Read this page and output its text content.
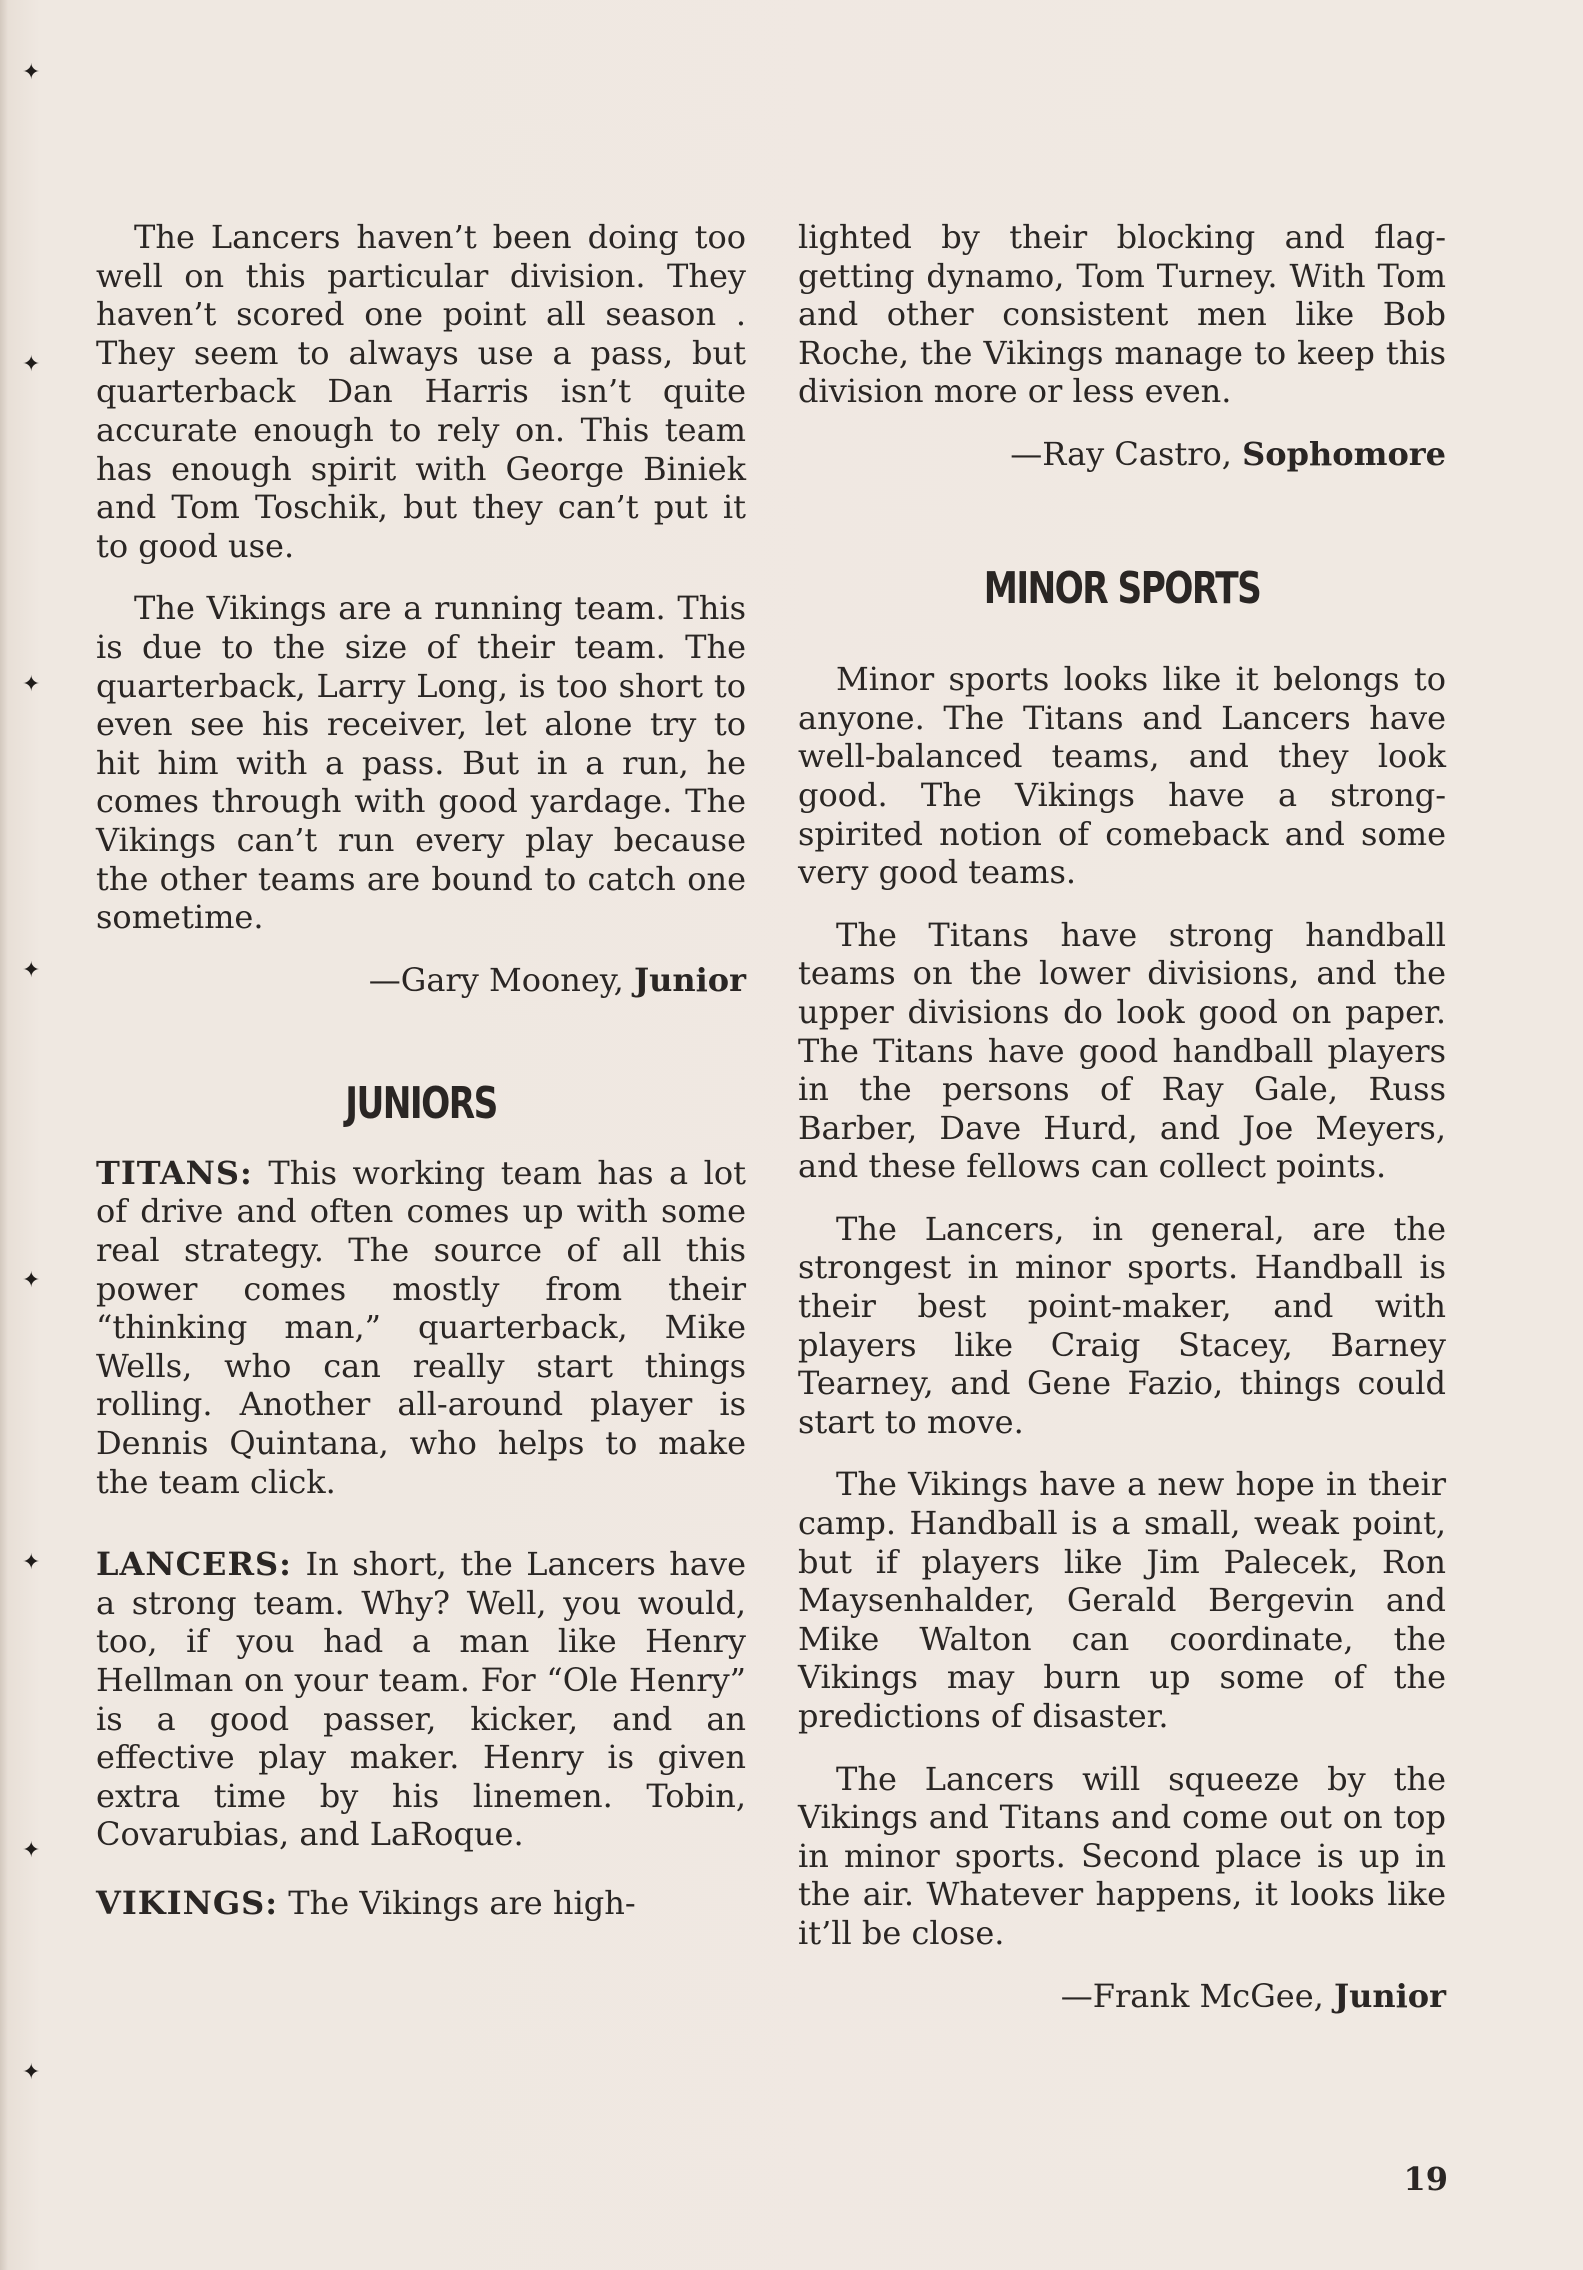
✦
✦
✦
✦
✦
✦
✦
✦

The Lancers haven’t been doing too well on this particular division. They haven’t scored one point all season . They seem to always use a pass, but quarterback Dan Harris isn’t quite accurate enough to rely on. This team has enough spirit with George Biniek and Tom Toschik, but they can’t put it to good use.

The Vikings are a running team. This is due to the size of their team. The quarterback, Larry Long, is too short to even see his receiver, let alone try to hit him with a pass. But in a run, he comes through with good yardage. The Vikings can’t run every play because the other teams are bound to catch one sometime.

—Gary Mooney, Junior

JUNIORS

TITANS: This working team has a lot of drive and often comes up with some real strategy. The source of all this power comes mostly from their “thinking man,” quarterback, Mike Wells, who can really start things rolling. Another all-around player is Dennis Quintana, who helps to make the team click.

LANCERS: In short, the Lancers have a strong team. Why? Well, you would, too, if you had a man like Henry Hellman on your team. For “Ole Henry” is a good passer, kicker, and an effective play maker. Henry is given extra time by his linemen. Tobin, Covarubias, and LaRoque.

VIKINGS: The Vikings are high-

lighted by their blocking and flaggetting dynamo, Tom Turney. With Tom and other consistent men like Bob Roche, the Vikings manage to keep this division more or less even.

—Ray Castro, Sophomore

MINOR SPORTS

Minor sports looks like it belongs to anyone. The Titans and Lancers have well-balanced teams, and they look good. The Vikings have a strong-spirited notion of comeback and some very good teams.

The Titans have strong handball teams on the lower divisions, and the upper divisions do look good on paper. The Titans have good handball players in the persons of Ray Gale, Russ Barber, Dave Hurd, and Joe Meyers, and these fellows can collect points.

The Lancers, in general, are the strongest in minor sports. Handball is their best point-maker, and with players like Craig Stacey, Barney Tearney, and Gene Fazio, things could start to move.

The Vikings have a new hope in their camp. Handball is a small, weak point, but if players like Jim Palecek, Ron Maysenhalder, Gerald Bergevin and Mike Walton can coordinate, the Vikings may burn up some of the predictions of disaster.

The Lancers will squeeze by the Vikings and Titans and come out on top in minor sports. Second place is up in the air. Whatever happens, it looks like it’ll be close.

—Frank McGee, Junior

19
